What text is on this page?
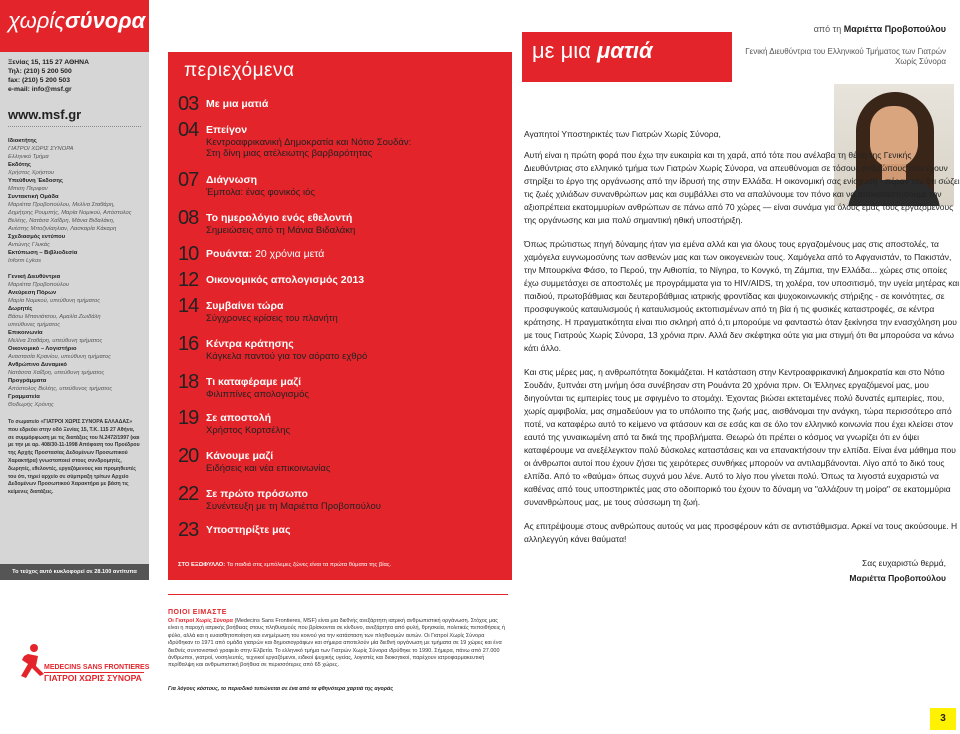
χωρίςσύνορα
Ξενίας 15, 115 27 ΑΘΗΝΑ
Τηλ: (210) 5 200 500
fax: (210) 5 200 503
e-mail: info@msf.gr
www.msf.gr
Ιδιοκτήτης
ΓΙΑΤΡΟΙ ΧΩΡΙΣ ΣΥΝΟΡΑ
Ελληνικό Τμήμα
Εκδότης
Χρήστος Χρήστου
Υπεύθυνη Έκδοσης
Μπιση Περιφαν
Συντακτική Ομάδα
Μαριέττα Προβοπούλου, Μελίνα Σταθάρη,
Δημήτρης Ρουμπής, Μαρία Νομικού, Απόστολος
Βελέης, Νατάσα Χαΐδρη, Μάνια Βιδαλάκη,
Ανέστης Μποζινίαηλιαν, Λασκαρία Κάκαρη
Σχεδιασμός εντύπου
Αντώνης Γλυκάς
Εκτύπωση – Βιβλιοδεσία
Inform Lykos
Γενική Διευθύντρια
Μαριέττα Προβοπούλου
Ανεύρεση Πόρων
Μαρία Νομικού, υπεύθυνη τμήματος
Δωρητές
Βάσω Μπανιάτσου, Αμαλία Ζωιδάλη
υπεύθυνες τμήματος
Επικοινωνία
Μελίνα Σταθάρη, υπεύθυνη τμήματος
Οικονομικό – Λογιστήριο
Αναστασία Κρανίου, υπεύθυνη τμήματος
Ανθρώπινο Δυναμικό
Νατάσσα Χαΐδρη, υπεύθυνη τμήματος
Προγράμματα
Απόστολος Βελέης, υπεύθυνος τμήματος
Γραμματεία
Θοδωρής Χρόνης
Το σωματείο «ΓΙΑΤΡΟΙ ΧΩΡΙΣ ΣΥΝΟΡΑ ΕΛΛΑΔΑΣ» που εδρεύει στην οδό Ξενίας 15, Τ.Κ. 115 27 Αθήνα, σε συμμόρφωση με τις διατάξεις του Ν.2472/1997 (και με την με αρ. 408/30-11-1998 Απόφαση του Προέδρου της Αρχής Προστασίας Δεδομένων Προσωπικού Χαρακτήρα) γνωστοποιεί στους συνδρομητές, δωρητές, εθελοντές, εργαζόμενους και προμηθευτές του ότι, τηρεί αρχείο σε σύμπραξη τρίτων Αρχείο Δεδομένων Προσωπικού Χαρακτήρα με βάση τις κείμενες διατάξεις.
Το τεύχος αυτό κυκλοφορεί σε 28.100 αντίτυπα
MEDECINS SANS FRONTIERES
ΓΙΑΤΡΟΙ ΧΩΡΙΣ ΣΥΝΟΡΑ
περιεχόμενα
03 Με μια ματιά
04 Επείγον
Κεντροαφρικανική Δημοκρατία και Νότιο Σουδάν:
Στη δίνη μιας ατέλειωτης βαρβαρότητας
07 Διάγνωση
Έμπολα: ένας φονικός ιός
08 Το ημερολόγιο ενός εθελοντή
Σημειώσεις από τη Μάνια Βιδαλάκη
10 Ρουάντα: 20 χρόνια μετά
12 Οικονομικός απολογισμός 2013
14 Συμβαίνει τώρα
Σύγχρονες κρίσεις του πλανήτη
16 Κέντρα κράτησης
Κάγκελα παντού για τον αόρατο εχθρό
18 Τι καταφέραμε μαζί
Φιλιππίνες απολογισμός
19 Σε αποστολή
Χρήστος Κορτσέλης
20 Κάνουμε μαζί
Ειδήσεις και νέα επικοινωνίας
22 Σε πρώτο πρόσωπο
Συνέντευξη με τη Μαριέττα Προβοπούλου
23 Υποστηρίξτε μας
ΣΤΟ ΕΞΩΦΥΛΛΟ: Τα παιδιά στις εμπόλεμες ζώνες είναι τα πρώτα θύματα της βίας.
ΠΟΙΟΙ ΕΙΜΑΣΤΕ
Οι Γιατροί Χωρίς Σύνορα (Medecins Sans Frontieres, MSF) είναι μια διεθνής ανεξάρτητη ιατρική ανθρωπιστική οργάνωση. Στόχος μας είναι η παροχή ιατρικής βοήθειας στους πληθυσμούς που βρίσκονται σε κίνδυνο, ανεξάρτητα από φυλή, θρησκεία, πολιτικές πεποιθήσεις ή φύλο, αλλά και η ευαισθητοποίηση και ενημέρωση του κοινού για την κατάσταση των πληθυσμών αυτών. Οι Γιατροί Χωρίς Σύνορα ιδρύθηκαν το 1971 από ομάδα γιατρών και δημοσιογράφων και σήμερα αποτελούν μία διεθνή οργάνωση με τμήματα σε 19 χώρες και ένα διεθνές συντονιστικό γραφείο στην Ελβετία. Το ελληνικό τμήμα των Γιατρών Χωρίς Σύνορα ιδρύθηκε το 1990. Σήμερα, πάνω από 27.000 άνθρωποι, γιατροί, νοσηλευτές, τεχνικοί εργαζόμενοι, ειδικοί ψυχικής υγείας, λογιστές και διοικητικοί, παρέχουν ιατροφαρμακευτική περίθαλψη και ανθρωπιστική βοήθεια σε περισσότερες από 65 χώρες.
Για λόγους κόστους, το περιοδικό τυπώνεται σε ένα από τα φθηνότερα χαρτιά της αγοράς
με μια ματιά
από τη Μαριέττα Προβοπούλου
Γενική Διευθύντρια του Ελληνικού Τμήματος των Γιατρών Χωρίς Σύνορα

Αγαπητοί Υποστηρικτές των Γιατρών Χωρίς Σύνορα,

Αυτή είναι η πρώτη φορά που έχω την ευκαιρία και τη χαρά, από τότε που ανέλαβα τη θέση της Γενικής Διευθύντριας στο ελληνικό τμήμα των Γιατρών Χωρίς Σύνορα, να απευθύνομαι σε τόσους ανθρώπους που έχουν στηρίξει το έργο της οργάνωσης από την ίδρυσή της στην Ελλάδα. Η οικονομική σας ενίσχυση - πέραν του ότι σώζει τις ζωές χιλιάδων συνανθρώπων μας και συμβάλλει στο να απαλύνουμε τον πόνο και να αποκαταστήσουμε την αξιοπρέπεια εκατομμυρίων ανθρώπων σε πάνω από 70 χώρες — είναι συνάμα για όλους εμάς τους εργαζόμενους της οργάνωσης και μια πολύ σημαντική ηθική υποστήριξη.

Όπως πρώτιστως πηγή δύναμης ήταν για εμένα αλλά και για όλους τους εργαζομένους μας στις αποστολές, τα χαμόγελα ευγνωμοσύνης των ασθενών μας και των οικογενειών τους. Χαμόγελα από το Αφγανιστάν, το Πακιστάν, την Μπουρκίνα Φάσο, το Περού, την Αιθιοπία, το Νίγηρα, το Κονγκό, τη Ζάμπια, την Ελλάδα... χώρες στις οποίες έχω συμμετάσχει σε αποστολές με προγράμματα για το HIV/AIDS, τη χολέρα, τον υποσιτισμό, την υγεία μητέρας και παιδιού, πρωτοβάθμιας και δευτεροβάθμιας ιατρικής φροντίδας και ψυχοκοινωνικής στήριξης - σε κοινότητες, σε προσφυγικούς καταυλισμούς ή καταυλισμούς εκτοπισμένων από τη βία ή τις φυσικές καταστροφές, σε κέντρα κράτησης. Η πραγματικότητα είναι πιο σκληρή από ό,τι μπορούμε να φανταστώ όταν ξεκίνησα την ενασχόληση μου με τους Γιατρούς Χωρίς Σύνορα, 13 χρόνια πριν. Αλλά δεν σκέφτηκα ούτε για μια στιγμή ότι θα μπορούσα να κάνω κάτι άλλο.

Και στις μέρες μας, η ανθρωπότητα δοκιμάζεται. Η κατάσταση στην Κεντροαφρικανική Δημοκρατία και στο Νότιο Σουδάν, ξυπνάει στη μνήμη όσα συνέβησαν στη Ρουάντα 20 χρόνια πριν. Οι Έλληνες εργαζόμενοί μας, μου διηγούνται τις εμπειρίες τους με σφιγμένο το στομάχι. Έχοντας βιώσει εκτεταμένες πολύ δυνατές εμπειρίες, που, χωρίς αμφιβολία, μας σημαδεύουν για το υπόλοιπο της ζωής μας, αισθάνομαι την ανάγκη, τώρα περισσότερο από ποτέ, να καταφέρω αυτό το κείμενο να φτάσουν και σε εσάς και σε όλο τον ελληνικό κοινωνία που έχει κλείσει στον εαυτό της γυναικωμένη από τα δικά της προβλήματα. Θεωρώ ότι πρέπει ο κόσμος να γνωρίζει ότι εν όψει καταφέρουμε να ανεξέλεγκτον πολύ δύσκολες καταστάσεις και να επανακτήσουν την ελπίδα. Είναι ένα μάθημα που οι άνθρωποι αυτοί που έχουν ζήσει τις χειρότερες συνθήκες μπορούν να αντιλαμβάνονται. Λίγο από το δικό τους ελπίδα. Από το «θαύμα» όπως συχνά μου λένε. Αυτό το λίγο που γίνεται πολύ. Όπως τα λιγοστά ευχαριστώ να καθένας από τους υποστηρικτές μας στο οδοιπορικό του έχουν το δύναμη να "αλλάζουν τη μοίρα" σε εκατομμύρια συνανθρώπους μας, με τους σύσσωμη τη ζωή.

Ας επιτρέψουμε στους ανθρώπους αυτούς να μας προσφέρουν κάτι σε αντιστάθμισμα. Αρκεί να τους ακούσουμε. Η αλληλεγγύη κάνει θαύματα!

Σας ευχαριστώ θερμά,

Μαριέττα Προβοπούλου

3
